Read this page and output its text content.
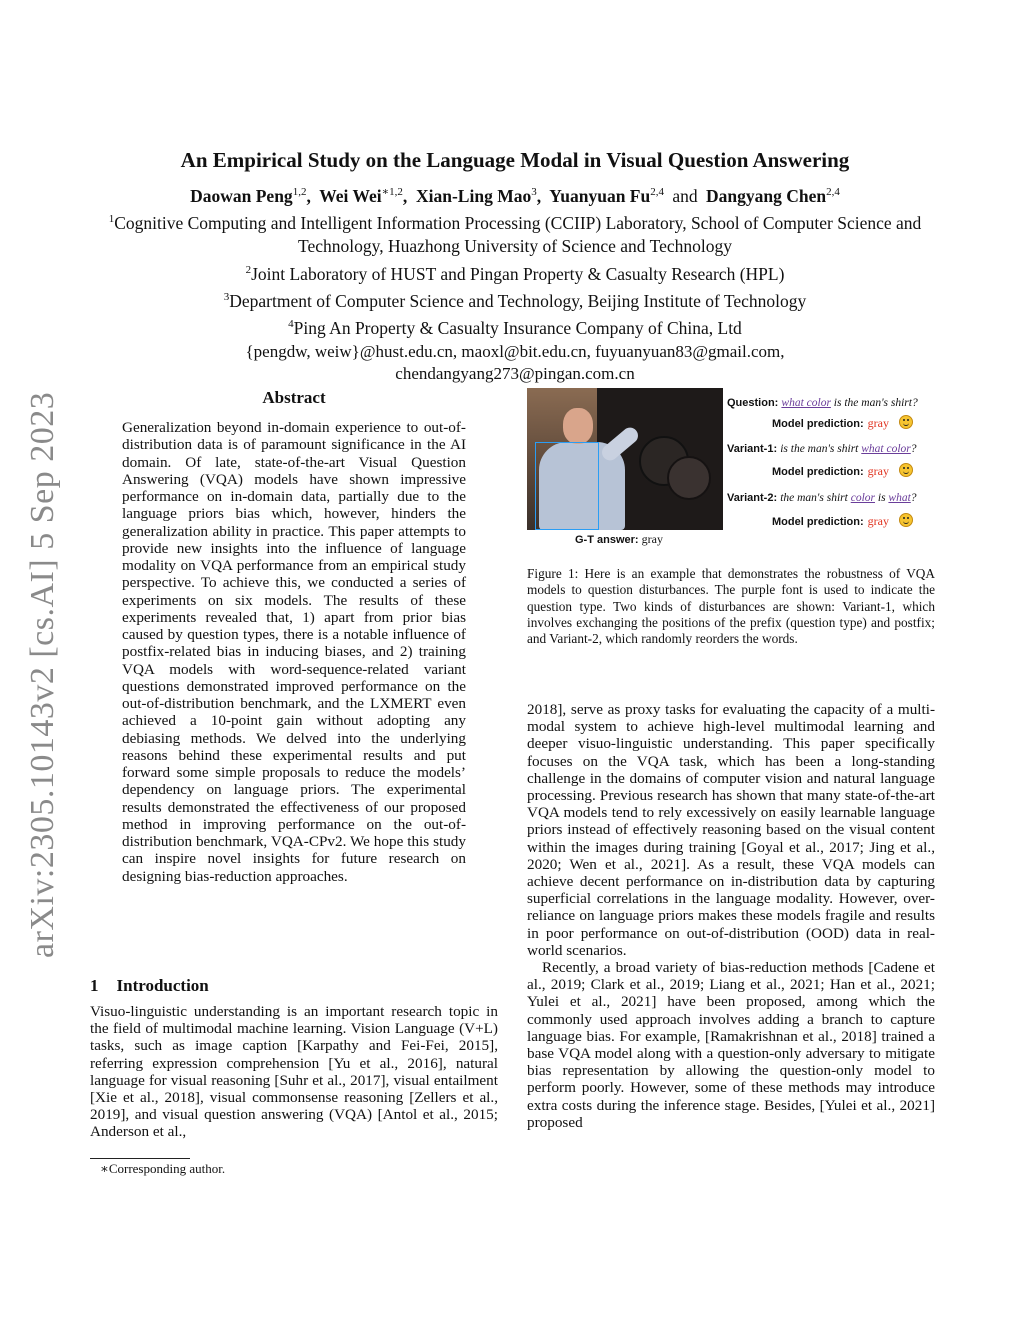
arXiv:2305.10143v2 [cs.AI] 5 Sep 2023
An Empirical Study on the Language Modal in Visual Question Answering
Daowan Peng$^{1,2}$,  Wei Wei$^{∗1,2}$,  Xian-Ling Mao$^3$,  Yuanyuan Fu$^{2,4}$ and Dangyang Chen$^{2,4}$
$^1$Cognitive Computing and Intelligent Information Processing (CCIIP) Laboratory, School of Computer Science and Technology, Huazhong University of Science and Technology
$^2$Joint Laboratory of HUST and Pingan Property & Casualty Research (HPL)
$^3$Department of Computer Science and Technology, Beijing Institute of Technology
$^4$Ping An Property & Casualty Insurance Company of China, Ltd
{pengdw, weiw}@hust.edu.cn, maoxl@bit.edu.cn, fuyuanyuan83@gmail.com,
chendangyang273@pingan.com.cn
Abstract
Generalization beyond in-domain experience to out-of-distribution data is of paramount significance in the AI domain. Of late, state-of-the-art Visual Question Answering (VQA) models have shown impressive performance on in-domain data, partially due to the language priors bias which, however, hinders the generalization ability in practice. This paper attempts to provide new insights into the influence of language modality on VQA performance from an empirical study perspective. To achieve this, we conducted a series of experiments on six models. The results of these experiments revealed that, 1) apart from prior bias caused by question types, there is a notable influence of postfix-related bias in inducing biases, and 2) training VQA models with word-sequence-related variant questions demonstrated improved performance on the out-of-distribution benchmark, and the LXMERT even achieved a 10-point gain without adopting any debiasing methods. We delved into the underlying reasons behind these experimental results and put forward some simple proposals to reduce the models’ dependency on language priors. The experimental results demonstrated the effectiveness of our proposed method in improving performance on the out-of-distribution benchmark, VQA-CPv2. We hope this study can inspire novel insights for future research on designing bias-reduction approaches.
1 Introduction
Visuo-linguistic understanding is an important research topic in the field of multimodal machine learning. Vision Language (V+L) tasks, such as image caption [Karpathy and Fei-Fei, 2015], referring expression comprehension [Yu et al., 2016], natural language for visual reasoning [Suhr et al., 2017], visual entailment [Xie et al., 2018], visual commonsense reasoning [Zellers et al., 2019], and visual question answering (VQA) [Antol et al., 2015; Anderson et al.,
∗Corresponding author.
G-T answer: gray
Question: what color is the man's shirt?
Model prediction: gray
Variant-1: is the man's shirt what color?
Model prediction: gray
Variant-2: the man's shirt color is what?
Model prediction: gray
Figure 1: Here is an example that demonstrates the robustness of VQA models to question disturbances. The purple font is used to indicate the question type. Two kinds of disturbances are shown: Variant-1, which involves exchanging the positions of the prefix (question type) and postfix; and Variant-2, which randomly reorders the words.

2018], serve as proxy tasks for evaluating the capacity of a multi-modal system to achieve high-level multimodal learning and deeper visuo-linguistic understanding. This paper specifically focuses on the VQA task, which has been a long-standing challenge in the domains of computer vision and natural language processing. Previous research has shown that many state-of-the-art VQA models tend to rely excessively on easily learnable language priors instead of effectively reasoning based on the visual content within the images during training [Goyal et al., 2017; Jing et al., 2020; Wen et al., 2021]. As a result, these VQA models can achieve decent performance on in-distribution data by capturing superficial correlations in the language modality. However, over-reliance on language priors makes these models fragile and results in poor performance on out-of-distribution (OOD) data in real-world scenarios.

Recently, a broad variety of bias-reduction methods [Cadene et al., 2019; Clark et al., 2019; Liang et al., 2021; Han et al., 2021; Yulei et al., 2021] have been proposed, among which the commonly used approach involves adding a branch to capture language bias. For example, [Ramakrishnan et al., 2018] trained a base VQA model along with a question-only adversary to mitigate bias representation by allowing the question-only model to perform poorly. However, some of these methods may introduce extra costs during the inference stage. Besides, [Yulei et al., 2021] proposed
